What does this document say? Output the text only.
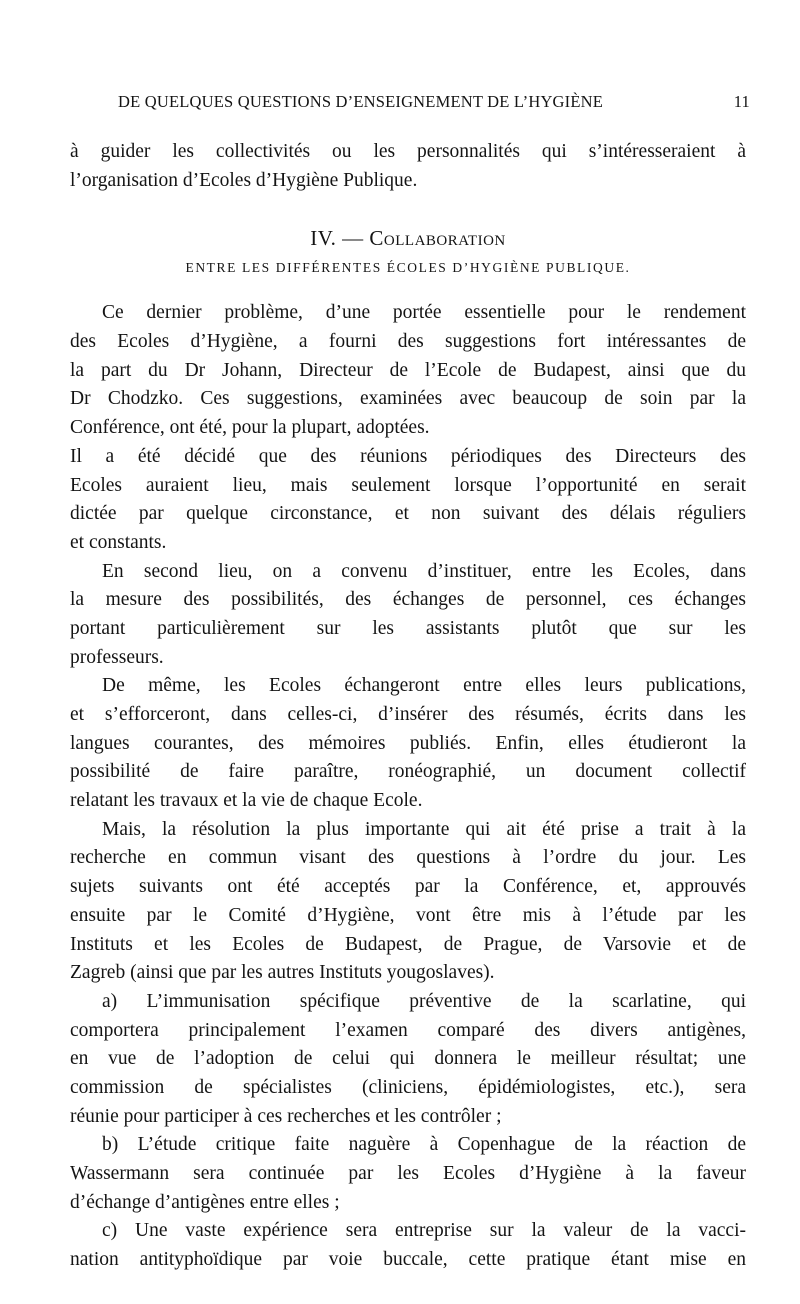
DE QUELQUES QUESTIONS D’ENSEIGNEMENT DE L’HYGIÈNE	11
à guider les collectivités ou les personnalités qui s’intéresseraient à
l’organisation d’Ecoles d’Hygiène Publique.
IV. — Collaboration
ENTRE LES DIFFÉRENTES ÉCOLES D’HYGIÈNE PUBLIQUE.
Ce dernier problème, d’une portée essentielle pour le rendement
des Ecoles d’Hygiène, a fourni des suggestions fort intéressantes de
la part du Dr Johann, Directeur de l’Ecole de Budapest, ainsi que du
Dr Chodzko. Ces suggestions, examinées avec beaucoup de soin par la
Conférence, ont été, pour la plupart, adoptées.
Il a été décidé que des réunions périodiques des Directeurs des
Ecoles auraient lieu, mais seulement lorsque l’opportunité en serait
dictée par quelque circonstance, et non suivant des délais réguliers
et constants.
En second lieu, on a convenu d’instituer, entre les Ecoles, dans
la mesure des possibilités, des échanges de personnel, ces échanges
portant particulièrement sur les assistants plutôt que sur les
professeurs.
De même, les Ecoles échangeront entre elles leurs publications,
et s’efforceront, dans celles-ci, d’insérer des résumés, écrits dans les
langues courantes, des mémoires publiés. Enfin, elles étudieront la
possibilité de faire paraître, ronéographié, un document collectif
relatant les travaux et la vie de chaque Ecole.
Mais, la résolution la plus importante qui ait été prise a trait à la
recherche en commun visant des questions à l’ordre du jour. Les
sujets suivants ont été acceptés par la Conférence, et, approuvés
ensuite par le Comité d’Hygiène, vont être mis à l’étude par les
Instituts et les Ecoles de Budapest, de Prague, de Varsovie et de
Zagreb (ainsi que par les autres Instituts yougoslaves).
a) L’immunisation spécifique préventive de la scarlatine, qui
comportera principalement l’examen comparé des divers antigènes,
en vue de l’adoption de celui qui donnera le meilleur résultat; une
commission de spécialistes (cliniciens, épidémiologistes, etc.), sera
réunie pour participer à ces recherches et les contrôler ;
b) L’étude critique faite naguère à Copenhague de la réaction de
Wassermann sera continuée par les Ecoles d’Hygiène à la faveur
d’échange d’antigènes entre elles ;
c) Une vaste expérience sera entreprise sur la valeur de la vacci-
nation antityphoïdique par voie buccale, cette pratique étant mise en
